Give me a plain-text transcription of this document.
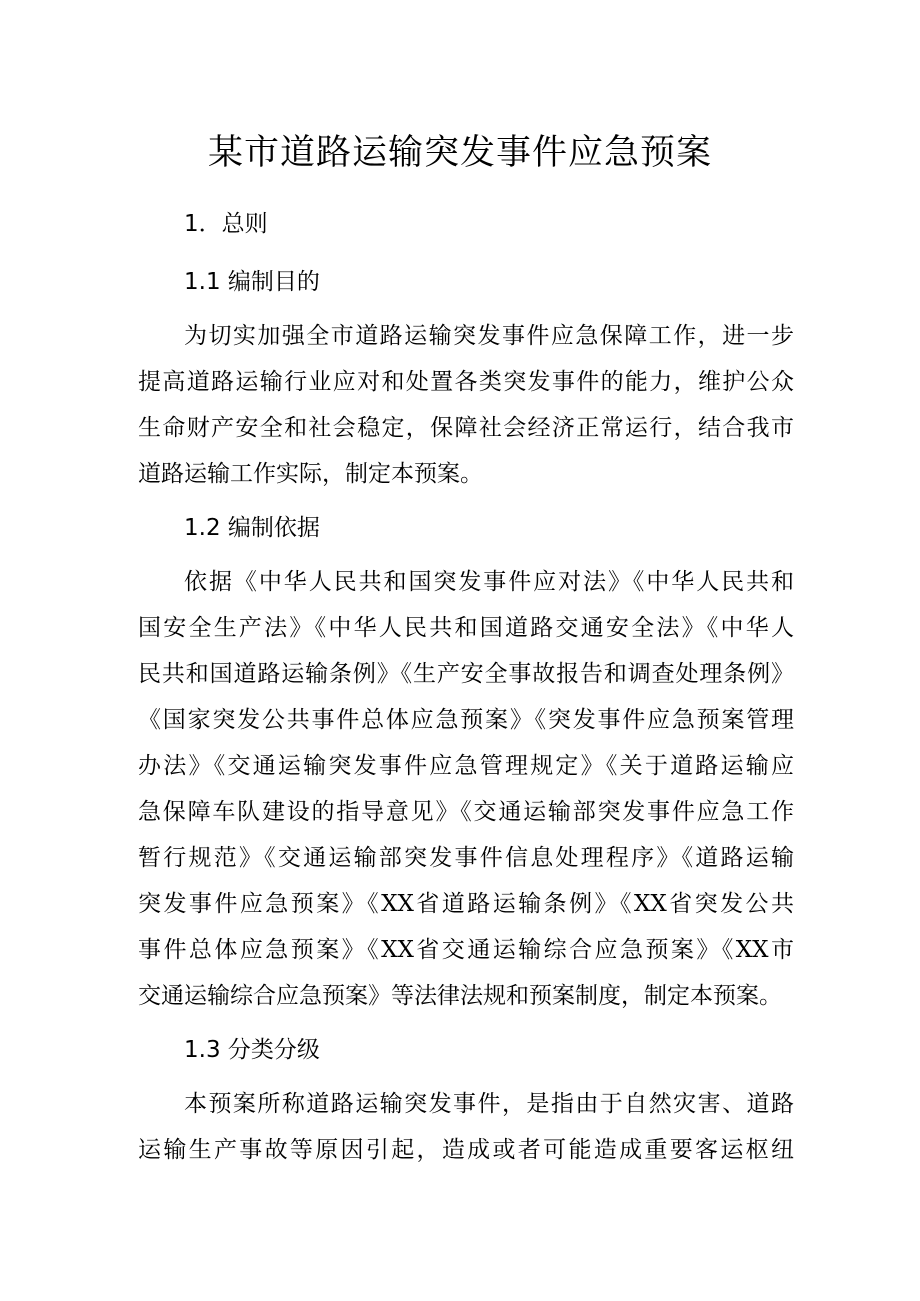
某市道路运输突发事件应急预案
1．总则
1.1 编制目的
为切实加强全市道路运输突发事件应急保障工作，进一步
提高道路运输行业应对和处置各类突发事件的能力，维护公众
生命财产安全和社会稳定，保障社会经济正常运行，结合我市
道路运输工作实际，制定本预案。
1.2 编制依据
依据《中华人民共和国突发事件应对法》《中华人民共和
国安全生产法》《中华人民共和国道路交通安全法》《中华人
民共和国道路运输条例》《生产安全事故报告和调查处理条例》
《国家突发公共事件总体应急预案》《突发事件应急预案管理
办法》《交通运输突发事件应急管理规定》《关于道路运输应
急保障车队建设的指导意见》《交通运输部突发事件应急工作
暂行规范》《交通运输部突发事件信息处理程序》《道路运输
突发事件应急预案》《XX省道路运输条例》《XX省突发公共
事件总体应急预案》《XX省交通运输综合应急预案》《XX市
交通运输综合应急预案》等法律法规和预案制度，制定本预案。
1.3 分类分级
本预案所称道路运输突发事件，是指由于自然灾害、道路
运输生产事故等原因引起，造成或者可能造成重要客运枢纽
